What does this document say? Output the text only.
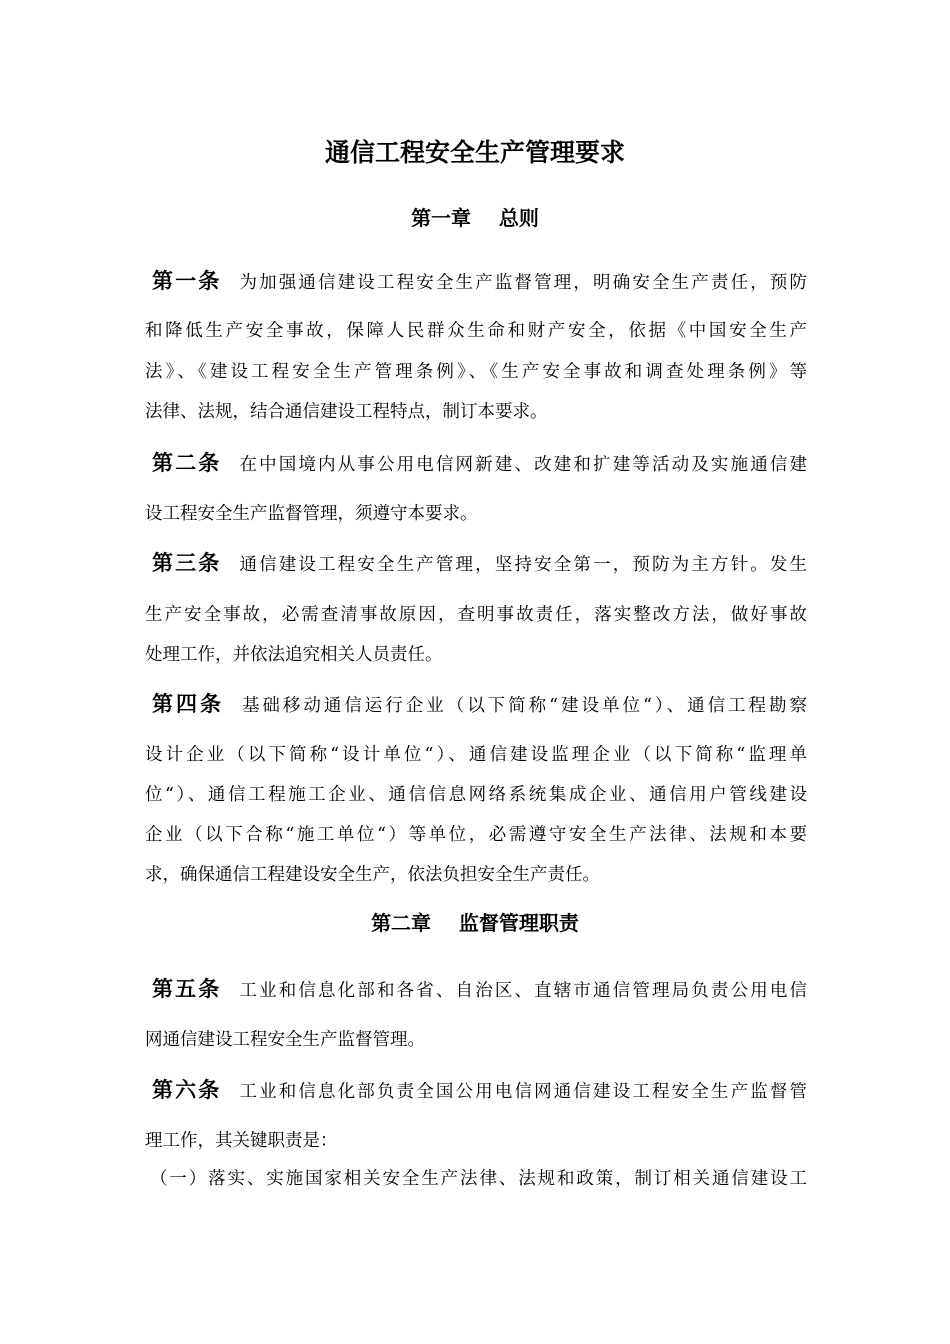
通信工程安全生产管理要求
第一章    总则
第一条 为加强通信建设工程安全生产监督管理，明确安全生产责任，预防
和降低生产安全事故，保障人民群众生命和财产安全，依据《中国安全生产
法》、《建设工程安全生产管理条例》、《生产安全事故和调查处理条例》等
法律、法规，结合通信建设工程特点，制订本要求。
第二条 在中国境内从事公用电信网新建、改建和扩建等活动及实施通信建
设工程安全生产监督管理，须遵守本要求。
第三条 通信建设工程安全生产管理，坚持安全第一，预防为主方针。发生
生产安全事故，必需查清事故原因，查明事故责任，落实整改方法，做好事故
处理工作，并依法追究相关人员责任。
第四条 基础移动通信运行企业（以下简称“建设单位“）、通信工程勘察
设计企业（以下简称“设计单位“）、通信建设监理企业（以下简称“监理单
位“）、通信工程施工企业、通信信息网络系统集成企业、通信用户管线建设
企业（以下合称“施工单位“）等单位，必需遵守安全生产法律、法规和本要
求，确保通信工程建设安全生产，依法负担安全生产责任。
第二章    监督管理职责
第五条 工业和信息化部和各省、自治区、直辖市通信管理局负责公用电信
网通信建设工程安全生产监督管理。
第六条 工业和信息化部负责全国公用电信网通信建设工程安全生产监督管
理工作，其关键职责是：
（一）落实、实施国家相关安全生产法律、法规和政策，制订相关通信建设工
